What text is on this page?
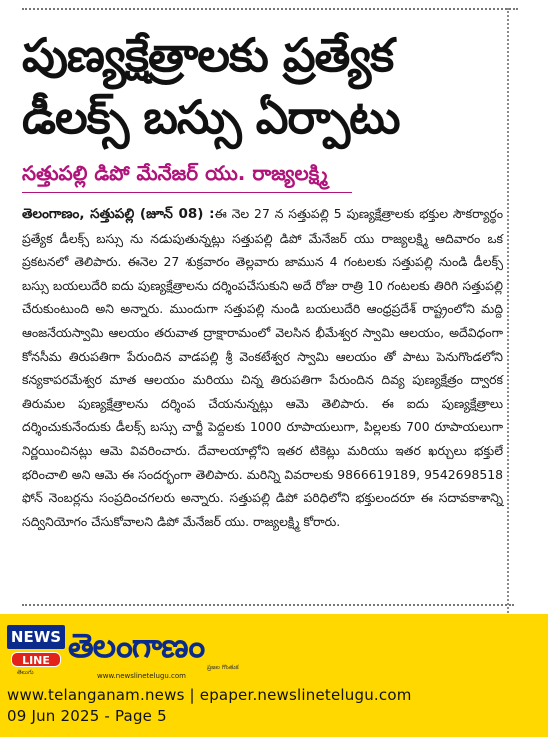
పుణ్యక్షేత్రాలకు ప్రత్యేక డీలక్స్ బస్సు ఏర్పాటు
సత్తుపల్లి డిపో మేనేజర్ యు. రాజ్యలక్ష్మి

తెలంగాణం, సత్తుపల్లి (జూన్ 08) :ఈ నెల 27 న సత్తుపల్లి 5 పుణ్యక్షేత్రాలకు భక్తుల సౌకర్యార్థం ప్రత్యేక డీలక్స్ బస్సు ను నడుపుతున్నట్లు సత్తుపల్లి డిపో మేనేజర్ యు రాజ్యలక్ష్మి ఆదివారం ఒక ప్రకటనలో తెలిపారు. ఈనెల 27 శుక్రవారం తెల్లవారు జామున 4 గంటలకు సత్తుపల్లి నుండి డీలక్స్ బస్సు బయలుదేరి ఐదు పుణ్యక్షేత్రాలను దర్శింపచేసుకుని అదే రోజు రాత్రి 10 గంటలకు తిరిగి సత్తుపల్లి చేరుకుంటుంది అని అన్నారు. ముందుగా సత్తుపల్లి నుండి బయలుదేరి ఆంధ్రప్రదేశ్ రాష్ట్రంలోని మద్ది ఆంజనేయస్వామి ఆలయం తరువాత ద్రాక్షారామంలో వెలసిన భీమేశ్వర స్వామి ఆలయం, అదేవిధంగా కోనసీమ తిరుపతిగా పేరుందిన వాడపల్లి శ్రీ వెంకటేశ్వర స్వామి ఆలయం తో పాటు పెనుగొండలోని కన్యకాపరమేశ్వర మాత ఆలయం మరియు చిన్న తిరుపతిగా పేరుందిన దివ్య పుణ్యక్షేత్రం ద్వారక తిరుమల పుణ్యక్షేత్రాలను దర్శింప చేయనున్నట్లు ఆమె తెలిపారు. ఈ ఐదు పుణ్యక్షేత్రాలు దర్శించుకునేందుకు డీలక్స్ బస్సు చార్జీ పెద్దలకు 1000 రూపాయలుగా, పిల్లలకు 700 రూపాయలుగా నిర్ణయించినట్లు ఆమె వివరించారు. దేవాలయాల్లోని ఇతర టికెట్లు మరియు ఇతర ఖర్చులు భక్తులే భరించాలి అని ఆమె ఈ సందర్భంగా తెలిపారు. మరిన్ని వివరాలకు 9866619189, 9542698518 ఫోన్ నెంబర్లను సంప్రదించగలరు అన్నారు. సత్తుపల్లి డిపో పరిధిలోని భక్తులందరూ ఈ సదావకాశాన్ని సద్వినియోగం చేసుకోవాలని డిపో మేనేజర్ యు. రాజ్యలక్ష్మి కోరారు.

NEWS
LINE
తెలుగు
తెలంగాణం
ప్రజల గొంతుక
www.newslinetelugu.com
www.telanganam.news | epaper.newslinetelugu.com
09 Jun 2025 - Page 5
